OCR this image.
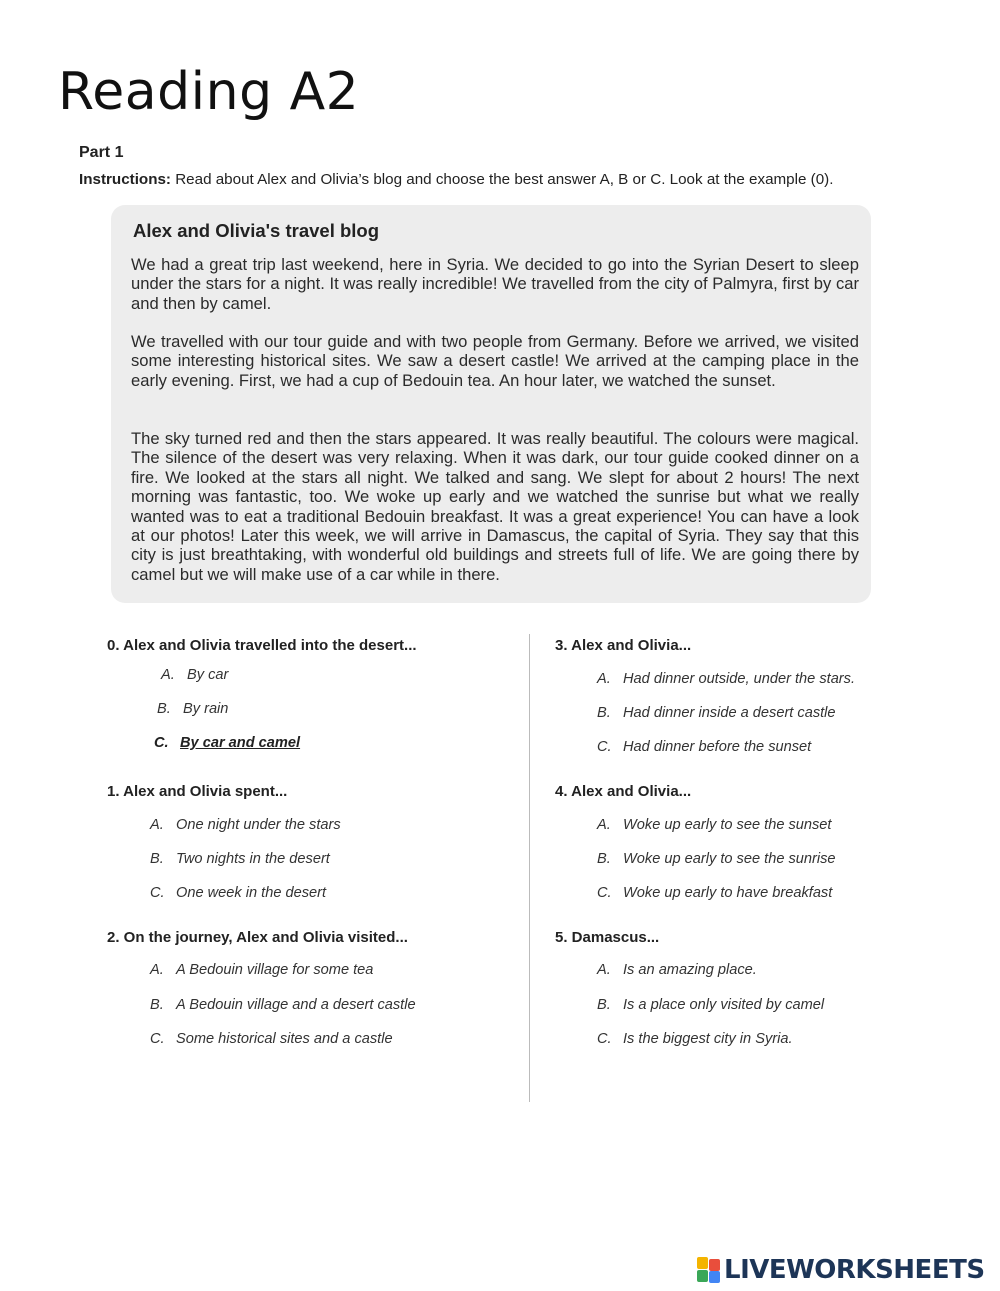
Reading A2
Part 1
Instructions: Read about Alex and Olivia’s blog and choose the best answer A, B or C. Look at the example (0).
Alex and Olivia's travel blog

We had a great trip last weekend, here in Syria. We decided to go into the Syrian Desert to sleep under the stars for a night. It was really incredible! We travelled from the city of Palmyra, first by car and then by camel.

We travelled with our tour guide and with two people from Germany. Before we arrived, we visited some interesting historical sites. We saw a desert castle! We arrived at the camping place in the early evening. First, we had a cup of Bedouin tea. An hour later, we watched the sunset.

The sky turned red and then the stars appeared. It was really beautiful. The colours were magical. The silence of the desert was very relaxing. When it was dark, our tour guide cooked dinner on a fire. We looked at the stars all night. We talked and sang. We slept for about 2 hours! The next morning was fantastic, too. We woke up early and we watched the sunrise but what we really wanted was to eat a traditional Bedouin breakfast. It was a great experience! You can have a look at our photos! Later this week, we will arrive in Damascus, the capital of Syria. They say that this city is just breathtaking, with wonderful old buildings and streets full of life. We are going there by camel but we will make use of a car while in there.

0. Alex and Olivia travelled into the desert...
A. By car
B. By rain
C. By car and camel
1. Alex and Olivia spent...
A. One night under the stars
B. Two nights in the desert
C. One week in the desert
2. On the journey, Alex and Olivia visited...
A. A Bedouin village for some tea
B. A Bedouin village and a desert castle
C. Some historical sites and a castle
3. Alex and Olivia...
A. Had dinner outside, under the stars.
B. Had dinner inside a desert castle
C. Had dinner before the sunset
4. Alex and Olivia...
A. Woke up early to see the sunset
B. Woke up early to see the sunrise
C. Woke up early to have breakfast
5. Damascus...
A. Is an amazing place.
B. Is a place only visited by camel
C. Is the biggest city in Syria.
LIVEWORKSHEETS
